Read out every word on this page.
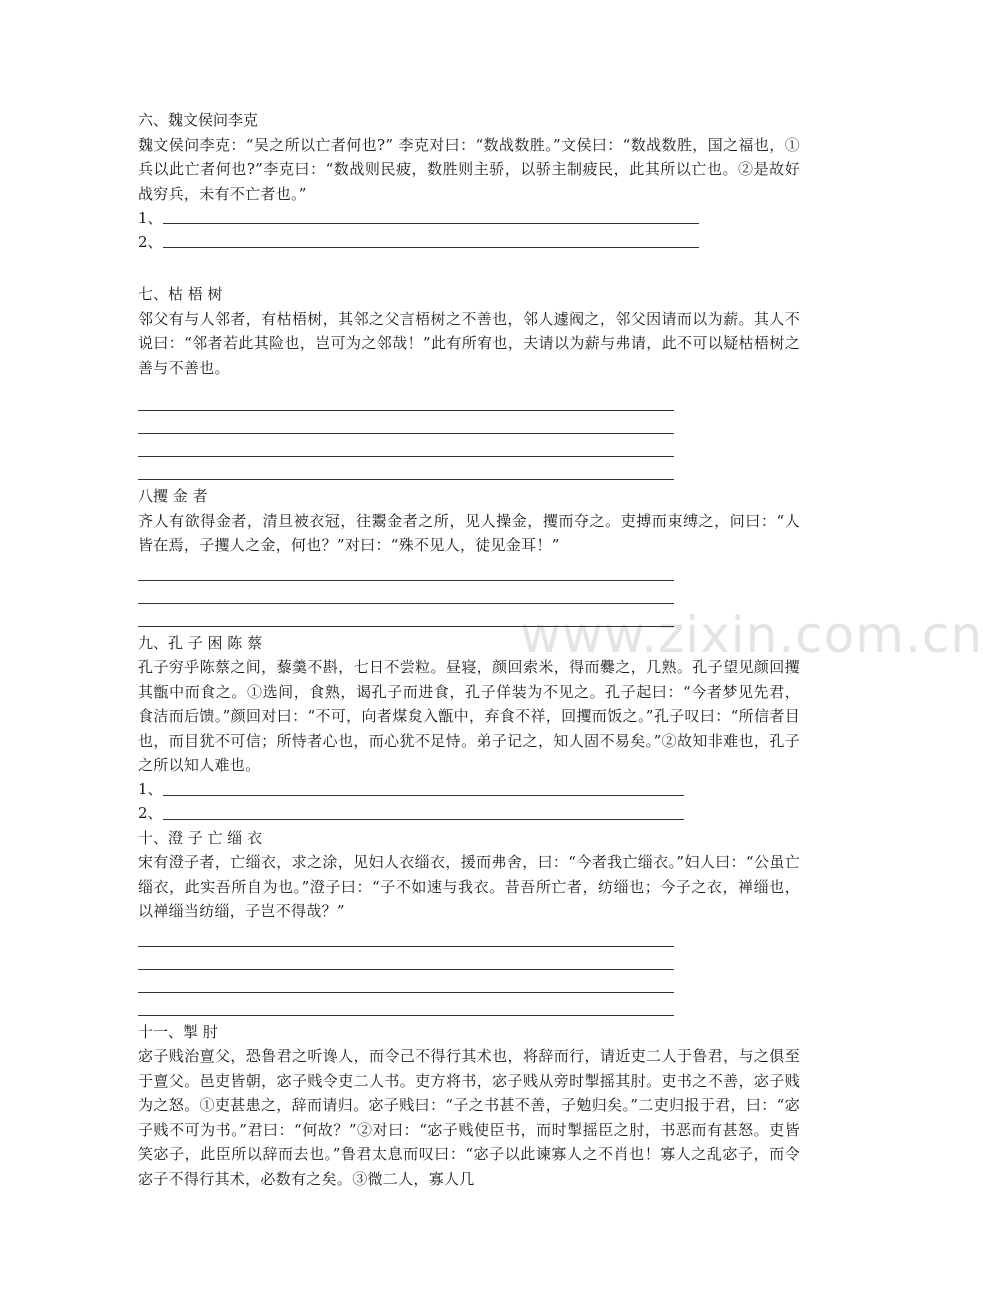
www.zixin.com.cn

六、魏文侯问李克

魏文侯问李克：“吴之所以亡者何也?” 李克对曰：“数战数胜。”文侯曰：“数战数胜，国之福也，①兵以此亡者何也?”李克曰：“数战则民疲，数胜则主骄，以骄主制疲民，此其所以亡也。②是故好战穷兵，未有不亡者也。”

1、
2、

七、枯 梧 树

邻父有与人邻者，有枯梧树，其邻之父言梧树之不善也，邻人遽阀之，邻父因请而以为薪。其人不说曰：“邻者若此其险也，岂可为之邻哉！”此有所宥也，夫请以为薪与弗请，此不可以疑枯梧树之善与不善也。

八攫 金 者

齐人有欲得金者，清旦被衣冠，往鬻金者之所，见人操金，攫而夺之。吏搏而束缚之，问曰：“人皆在焉，子攫人之金，何也？”对曰：“殊不见人，徒见金耳！”

九、孔 子 困 陈 蔡

孔子穷乎陈蔡之间，藜羹不斟，七日不尝粒。昼寝，颜回索米，得而爨之，几熟。孔子望见颜回攫其甑中而食之。①选间，食熟，谒孔子而进食，孔子佯装为不见之。孔子起曰：“今者梦见先君，食洁而后馈。”颜回对曰：“不可，向者煤炱入甑中，弃食不祥，回攫而饭之。”孔子叹曰：“所信者目也，而目犹不可信；所恃者心也，而心犹不足恃。弟子记之，知人固不易矣。”②故知非难也，孔子之所以知人难也。

1、
2、

十、澄 子 亡 缁 衣

宋有澄子者，亡缁衣，求之涂，见妇人衣缁衣，援而弗舍，曰：“今者我亡缁衣。”妇人曰：“公虽亡缁衣，此实吾所自为也。”澄子曰：“子不如速与我衣。昔吾所亡者，纺缁也；今子之衣，禅缁也，以禅缁当纺缁，子岂不得哉？”

十一、掣 肘

宓子贱治亶父，恐鲁君之听谗人，而令己不得行其术也，将辞而行，请近吏二人于鲁君，与之俱至于亶父。邑吏皆朝，宓子贱令吏二人书。吏方将书，宓子贱从旁时掣摇其肘。吏书之不善，宓子贱为之怒。①吏甚患之，辞而请归。宓子贱曰：“子之书甚不善，子勉归矣。”二吏归报于君，曰：“宓子贱不可为书。”君曰：“何故？”②对曰：“宓子贱使臣书，而时掣摇臣之肘，书恶而有甚怒。吏皆笑宓子，此臣所以辞而去也。”鲁君太息而叹曰：“宓子以此谏寡人之不肖也！寡人之乱宓子，而令宓子不得行其术，必数有之矣。③微二人，寡人几
